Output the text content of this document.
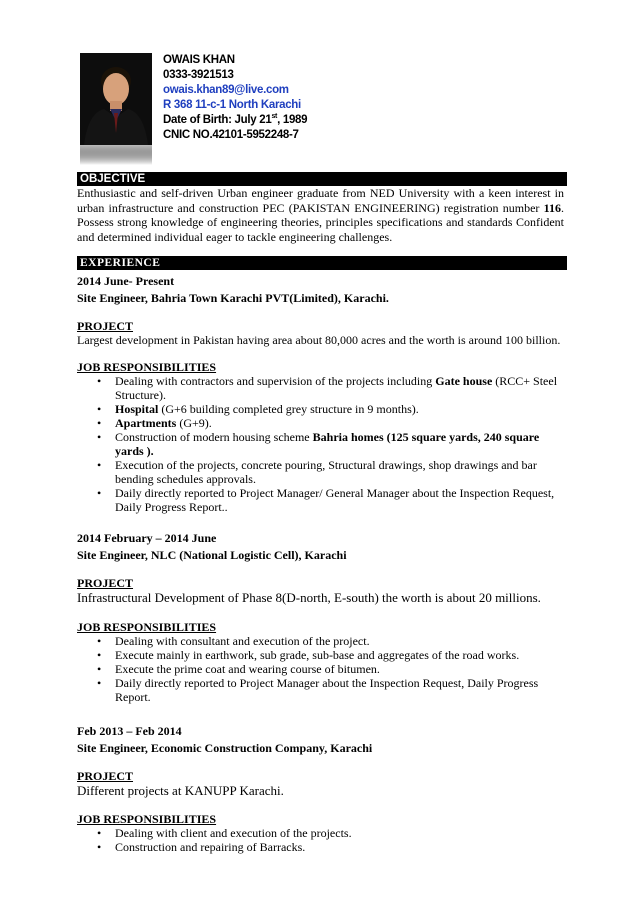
OWAIS KHAN
0333-3921513
owais.khan89@live.com
R 368 11-c-1 North Karachi
Date of Birth: July 21st, 1989
CNIC NO.42101-5952248-7
OBJECTIVE
Enthusiastic and self-driven Urban engineer graduate from NED University with a keen interest in urban infrastructure and construction PEC (PAKISTAN ENGINEERING) registration number 116. Possess strong knowledge of engineering theories, principles specifications and standards Confident and determined individual eager to tackle engineering challenges.
EXPERIENCE
2014 June- Present
Site Engineer, Bahria Town Karachi PVT(Limited), Karachi.
PROJECT
Largest development in Pakistan having area about 80,000 acres and the worth is around 100 billion.
JOB RESPONSIBILITIES
• Dealing with contractors and supervision of the projects including Gate house (RCC+ Steel Structure).
• Hospital (G+6 building completed grey structure in 9 months).
• Apartments (G+9).
• Construction of modern housing scheme Bahria homes (125 square yards, 240 square yards ).
• Execution of the projects, concrete pouring, Structural drawings, shop drawings and bar bending schedules approvals.
• Daily directly reported to Project Manager/ General Manager about the Inspection Request, Daily Progress Report..
2014 February – 2014 June
Site Engineer, NLC (National Logistic Cell), Karachi
PROJECT
Infrastructural Development of Phase 8(D-north, E-south) the worth is about 20 millions.
JOB RESPONSIBILITIES
• Dealing with consultant and execution of the project.
• Execute mainly in earthwork, sub grade, sub-base and aggregates of the road works.
• Execute the prime coat and wearing course of bitumen.
• Daily directly reported to Project Manager about the Inspection Request, Daily Progress Report.
Feb 2013 – Feb 2014
Site Engineer, Economic Construction Company, Karachi
PROJECT
Different projects at KANUPP Karachi.
JOB RESPONSIBILITIES
• Dealing with client and execution of the projects.
• Construction and repairing of Barracks.
